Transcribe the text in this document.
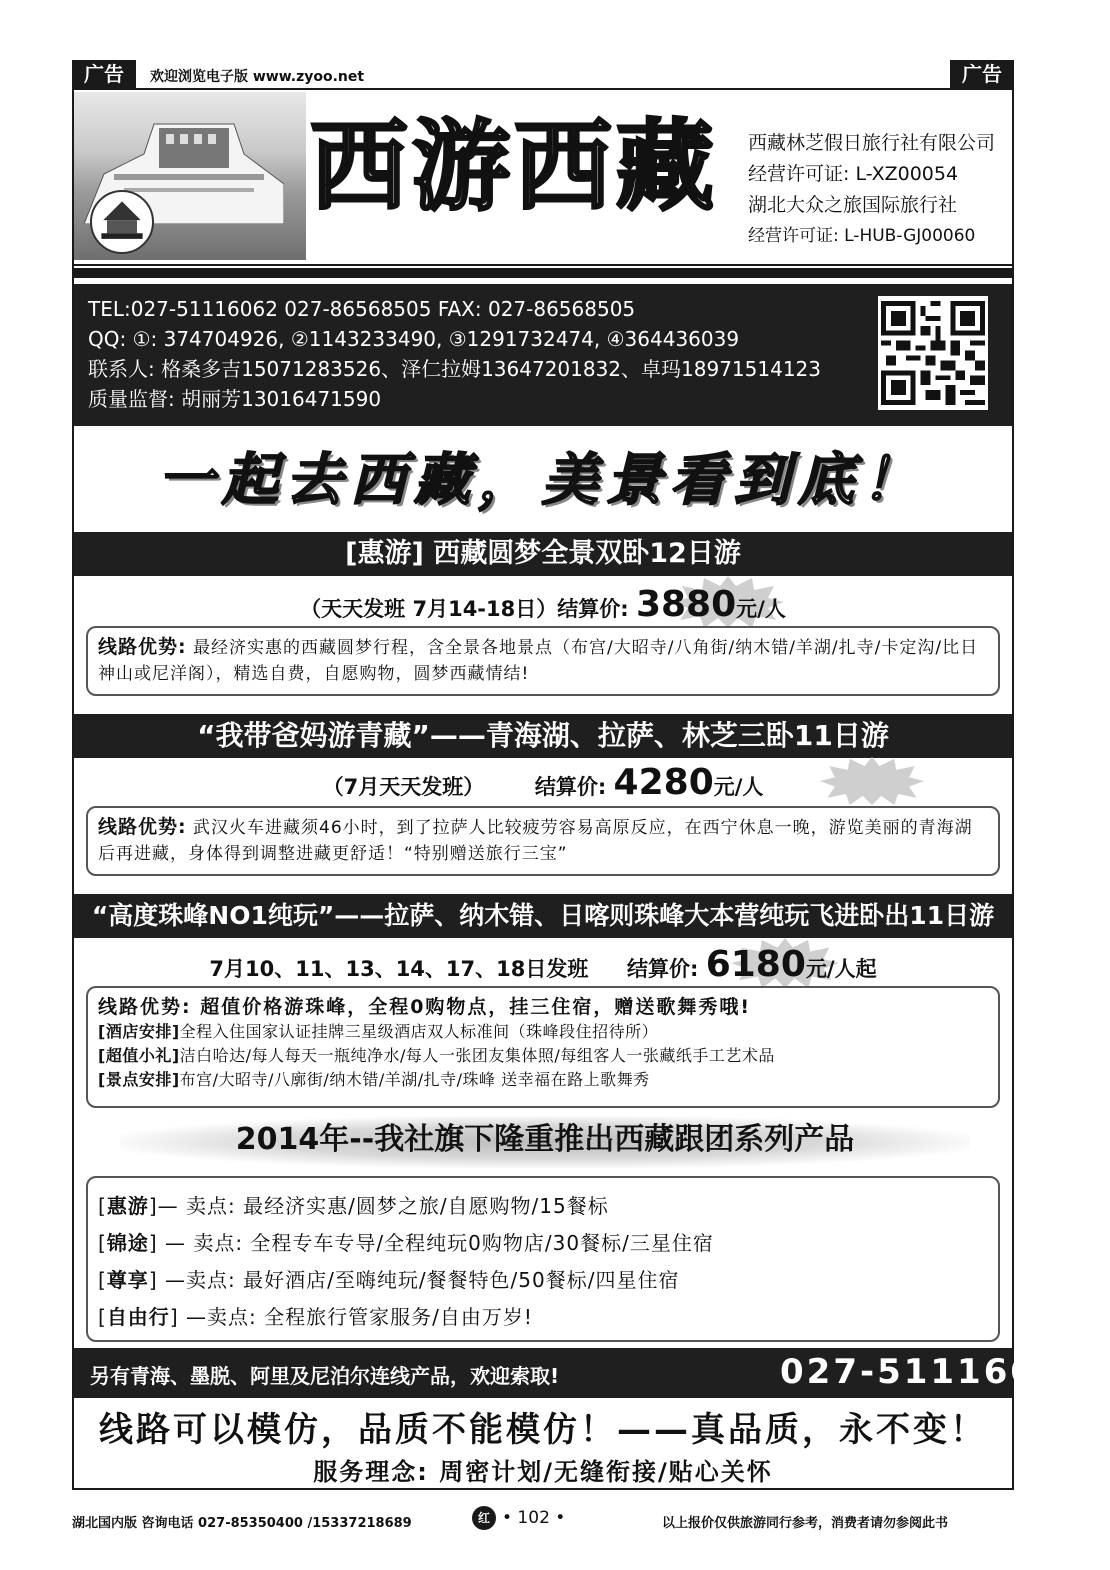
广告	欢迎浏览电子版 www.zyoo.net	广告
西游西藏 西藏林芝假日旅行社有限公司
经营许可证: L-XZ00054
湖北大众之旅国际旅行社
经营许可证: L-HUB-GJ00060
TEL:027-51116062 027-86568505 FAX: 027-86568505
QQ: ①: 374704926, ②1143233490, ③1291732474, ④364436039
联系人: 格桑多吉15071283526、泽仁拉姆13647201832、卓玛18971514123
质量监督: 胡丽芳13016471590
一起去西藏，美景看到底！
[惠游] 西藏圆梦全景双卧12日游
（天天发班 7月14-18日）结算价: 3880元/人
线路优势: 最经济实惠的西藏圆梦行程，含全景各地景点（布宫/大昭寺/八角街/纳木错/羊湖/扎寺/卡定沟/比日神山或尼洋阁），精选自费，自愿购物，圆梦西藏情结!
“我带爸妈游青藏”——青海湖、拉萨、林芝三卧11日游
（7月天天发班） 结算价: 4280元/人
线路优势: 武汉火车进藏须46小时，到了拉萨人比较疲劳容易高原反应，在西宁休息一晚，游览美丽的青海湖后再进藏，身体得到调整进藏更舒适！“特别赠送旅行三宝”
“高度珠峰NO1纯玩”——拉萨、纳木错、日喀则珠峰大本营纯玩飞进卧出11日游
7月10、11、13、14、17、18日发班 结算价: 6180元/人起
线路优势: 超值价格游珠峰，全程0购物点，挂三住宿，赠送歌舞秀哦!
[酒店安排]全程入住国家认证挂牌三星级酒店双人标准间（珠峰段住招待所）
[超值小礼]洁白哈达/每人每天一瓶纯净水/每人一张团友集体照/每组客人一张藏纸手工艺术品
[景点安排]布宫/大昭寺/八廓街/纳木错/羊湖/扎寺/珠峰 送幸福在路上歌舞秀
2014年--我社旗下隆重推出西藏跟团系列产品
[惠游]— 卖点: 最经济实惠/圆梦之旅/自愿购物/15餐标
[锦途] — 卖点: 全程专车专导/全程纯玩0购物店/30餐标/三星住宿
[尊享] —卖点: 最好酒店/至嗨纯玩/餐餐特色/50餐标/四星住宿
[自由行] —卖点: 全程旅行管家服务/自由万岁!
另有青海、墨脱、阿里及尼泊尔连线产品，欢迎索取!	027-51116062
线路可以模仿，品质不能模仿！——真品质，永不变！
服务理念: 周密计划/无缝衔接/贴心关怀
湖北国内版 咨询电话 027-85350400 /15337218689	红 • 102 •	以上报价仅供旅游同行参考，消费者请勿参阅此书
